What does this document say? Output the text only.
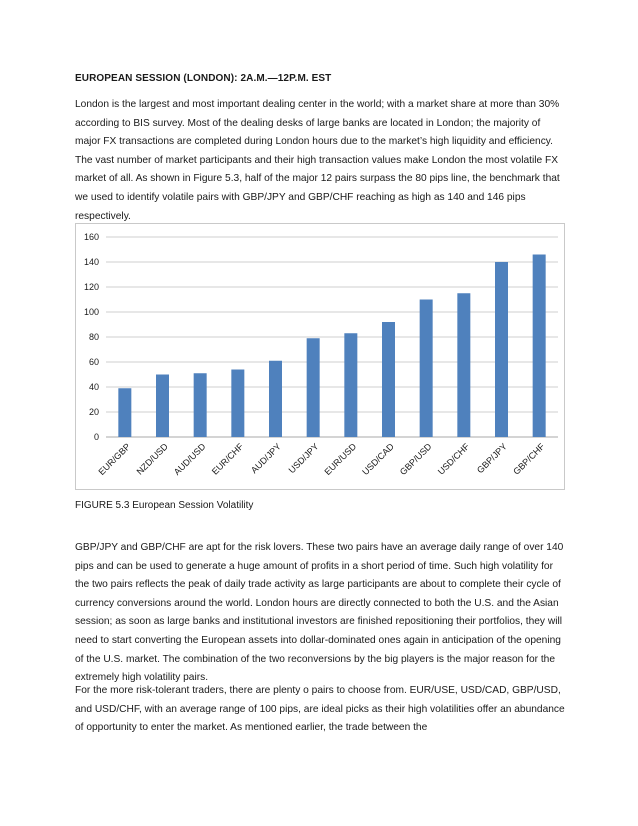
EUROPEAN SESSION (LONDON): 2A.M.—12P.M. EST

London is the largest and most important dealing center in the world; with a market share at more than 30% according to BIS survey. Most of the dealing desks of large banks are located in London; the majority of major FX transactions are completed during London hours due to the market’s high liquidity and efficiency. The vast number of market participants and their high transaction values make London the most volatile FX market of all. As shown in Figure 5.3, half of the major 12 pairs surpass the 80 pips line, the benchmark that we used to identify volatile pairs with GBP/JPY and GBP/CHF reaching as high as 140 and 146 pips respectively.

0
20
40
60
80
100
120
140
160
EUR/GBP NZD/USD AUD/USD EUR/CHF AUD/JPY USD/JPY EUR/USD USD/CAD GBP/USD USD/CHF GBP/JPY GBP/CHF
FIGURE 5.3 European Session Volatility

GBP/JPY and GBP/CHF are apt for the risk lovers. These two pairs have an average daily range of over 140 pips and can be used to generate a huge amount of profits in a short period of time. Such high volatility for the two pairs reflects the peak of daily trade activity as large participants are about to complete their cycle of currency conversions around the world. London hours are directly connected to both the U.S. and the Asian session; as soon as large banks and institutional investors are finished repositioning their portfolios, they will need to start converting the European assets into dollar-dominated ones again in anticipation of the opening of the U.S. market. The combination of the two reconversions by the big players is the major reason for the extremely high volatility pairs.

For the more risk-tolerant traders, there are plenty o pairs to choose from. EUR/USE, USD/CAD, GBP/USD, and USD/CHF, with an average range of 100 pips, are ideal picks as their high volatilities offer an abundance of opportunity to enter the market. As mentioned earlier, the trade between the
